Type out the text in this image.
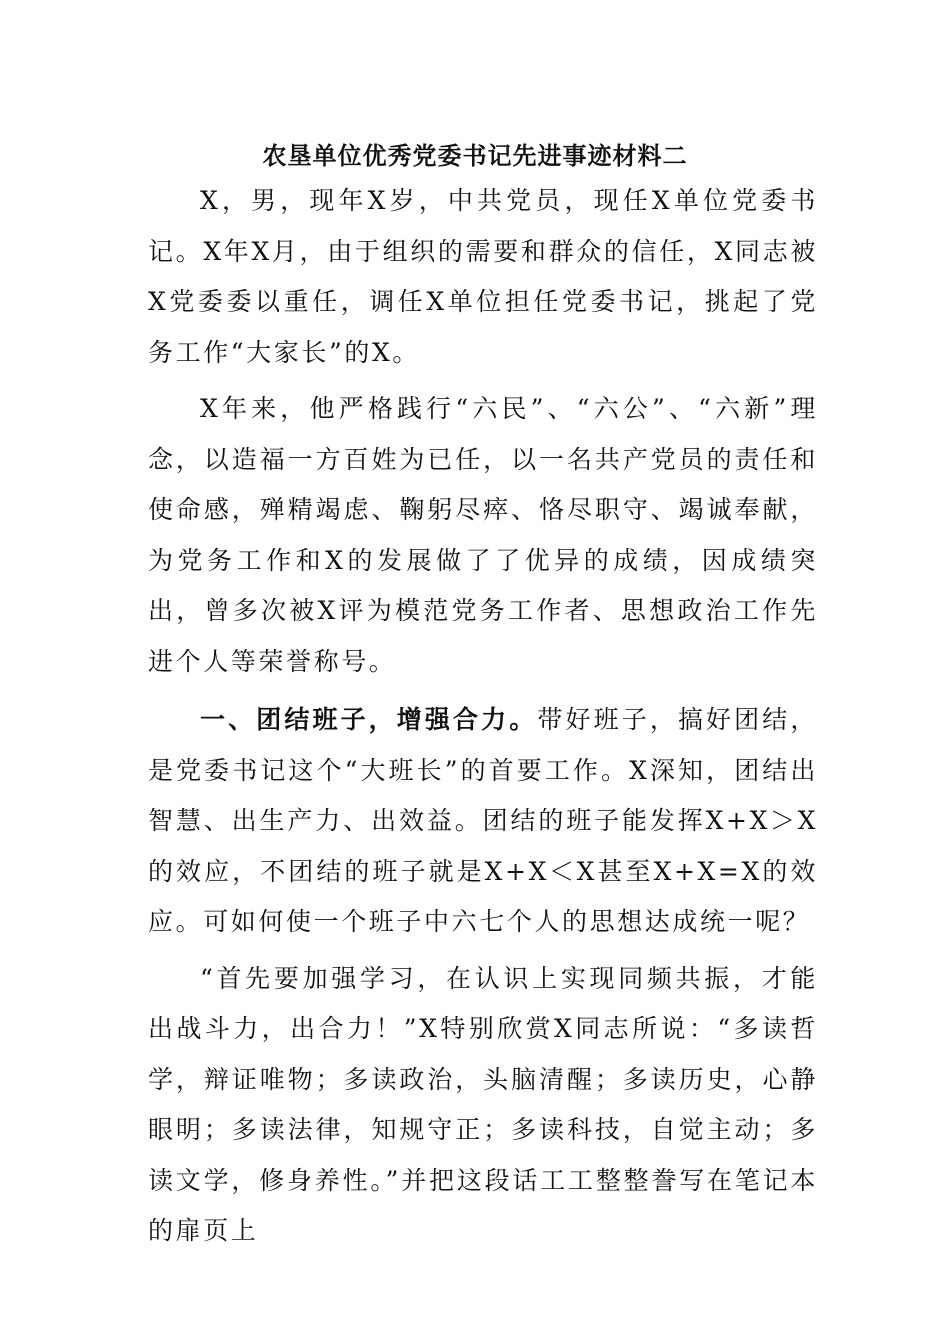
农垦单位优秀党委书记先进事迹材料二

X，男，现年X岁，中共党员，现任X单位党委书记。X年X月，由于组织的需要和群众的信任，X同志被X党委委以重任，调任X单位担任党委书记，挑起了党务工作“大家长”的X。

X年来，他严格践行“六民”、“六公”、“六新”理念，以造福一方百姓为已任，以一名共产党员的责任和使命感，殚精竭虑、鞠躬尽瘁、恪尽职守、竭诚奉献，为党务工作和X的发展做了了优异的成绩，因成绩突出，曾多次被X评为模范党务工作者、思想政治工作先进个人等荣誉称号。

一、团结班子，增强合力。带好班子，搞好团结，是党委书记这个“大班长”的首要工作。X深知，团结出智慧、出生产力、出效益。团结的班子能发挥X+X＞X的效应，不团结的班子就是X+X＜X甚至X+X=X的效应。可如何使一个班子中六七个人的思想达成统一呢？

“首先要加强学习，在认识上实现同频共振，才能出战斗力，出合力！”X特别欣赏X同志所说：“多读哲学，辩证唯物；多读政治，头脑清醒；多读历史，心静眼明；多读法律，知规守正；多读科技，自觉主动；多读文学，修身养性。”并把这段话工工整整誊写在笔记本的扉页上
